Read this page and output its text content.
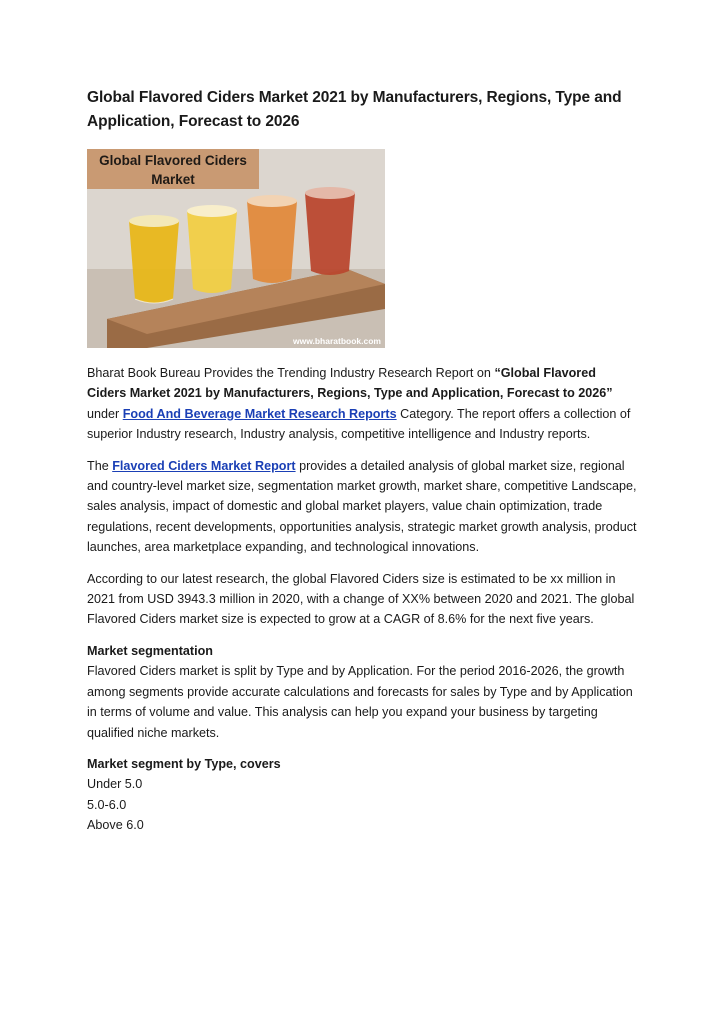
Global Flavored Ciders Market 2021 by Manufacturers, Regions, Type and Application, Forecast to 2026
Global Flavored Ciders
Market
www.bharatbook.com

Bharat Book Bureau Provides the Trending Industry Research Report on “Global Flavored Ciders Market 2021 by Manufacturers, Regions, Type and Application, Forecast to 2026” under Food And Beverage Market Research Reports Category. The report offers a collection of superior Industry research, Industry analysis, competitive intelligence and Industry reports.

The Flavored Ciders Market Report provides a detailed analysis of global market size, regional and country-level market size, segmentation market growth, market share, competitive Landscape, sales analysis, impact of domestic and global market players, value chain optimization, trade regulations, recent developments, opportunities analysis, strategic market growth analysis, product launches, area marketplace expanding, and technological innovations.

According to our latest research, the global Flavored Ciders size is estimated to be xx million in 2021 from USD 3943.3 million in 2020, with a change of XX% between 2020 and 2021. The global Flavored Ciders market size is expected to grow at a CAGR of 8.6% for the next five years.

Market segmentation
Flavored Ciders market is split by Type and by Application. For the period 2016-2026, the growth among segments provide accurate calculations and forecasts for sales by Type and by Application in terms of volume and value. This analysis can help you expand your business by targeting qualified niche markets.

Market segment by Type, covers
Under 5.0
5.0-6.0
Above 6.0
